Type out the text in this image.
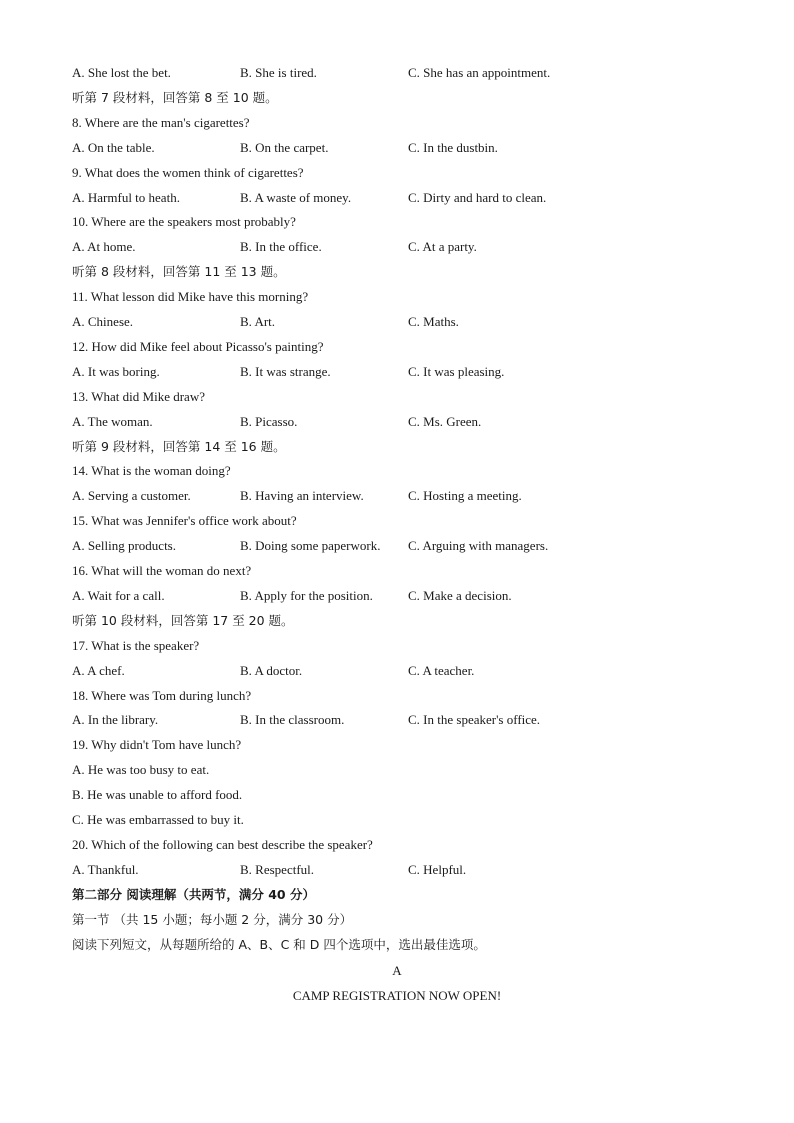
A. She lost the bet.	B. She is tired.	C. She has an appointment.
听第 7 段材料，回答第 8 至 10 题。
8. Where are the man's cigarettes?
A. On the table.	B. On the carpet.	C. In the dustbin.
9. What does the women think of cigarettes?
A. Harmful to heath.	B. A waste of money.	C. Dirty and hard to clean.
10. Where are the speakers most probably?
A. At home.	B. In the office.	C. At a party.
听第 8 段材料，回答第 11 至 13 题。
11. What lesson did Mike have this morning?
A. Chinese.	B. Art.	C. Maths.
12. How did Mike feel about Picasso's painting?
A. It was boring.	B. It was strange.	C. It was pleasing.
13. What did Mike draw?
A. The woman.	B. Picasso.	C. Ms. Green.
听第 9 段材料，回答第 14 至 16 题。
14. What is the woman doing?
A. Serving a customer.	B. Having an interview.	C. Hosting a meeting.
15. What was Jennifer's office work about?
A. Selling products.	B. Doing some paperwork. C. Arguing with managers.
16. What will the woman do next?
A. Wait for a call.	B. Apply for the position.	C. Make a decision.
听第 10 段材料，回答第 17 至 20 题。
17. What is the speaker?
A. A chef.	B. A doctor.	C. A teacher.
18. Where was Tom during lunch?
A. In the library.	B. In the classroom.	C. In the speaker's office.
19. Why didn't Tom have lunch?
A. He was too busy to eat.
B. He was unable to afford food.
C. He was embarrassed to buy it.
20. Which of the following can best describe the speaker?
A. Thankful.	B. Respectful.	C. Helpful.
第二部分 阅读理解（共两节，满分 40 分）
第一节 （共 15 小题；每小题 2 分，满分 30 分）
阅读下列短文，从每题所给的 A、B、C 和 D 四个选项中，选出最佳选项。
A
CAMP REGISTRATION NOW OPEN!
